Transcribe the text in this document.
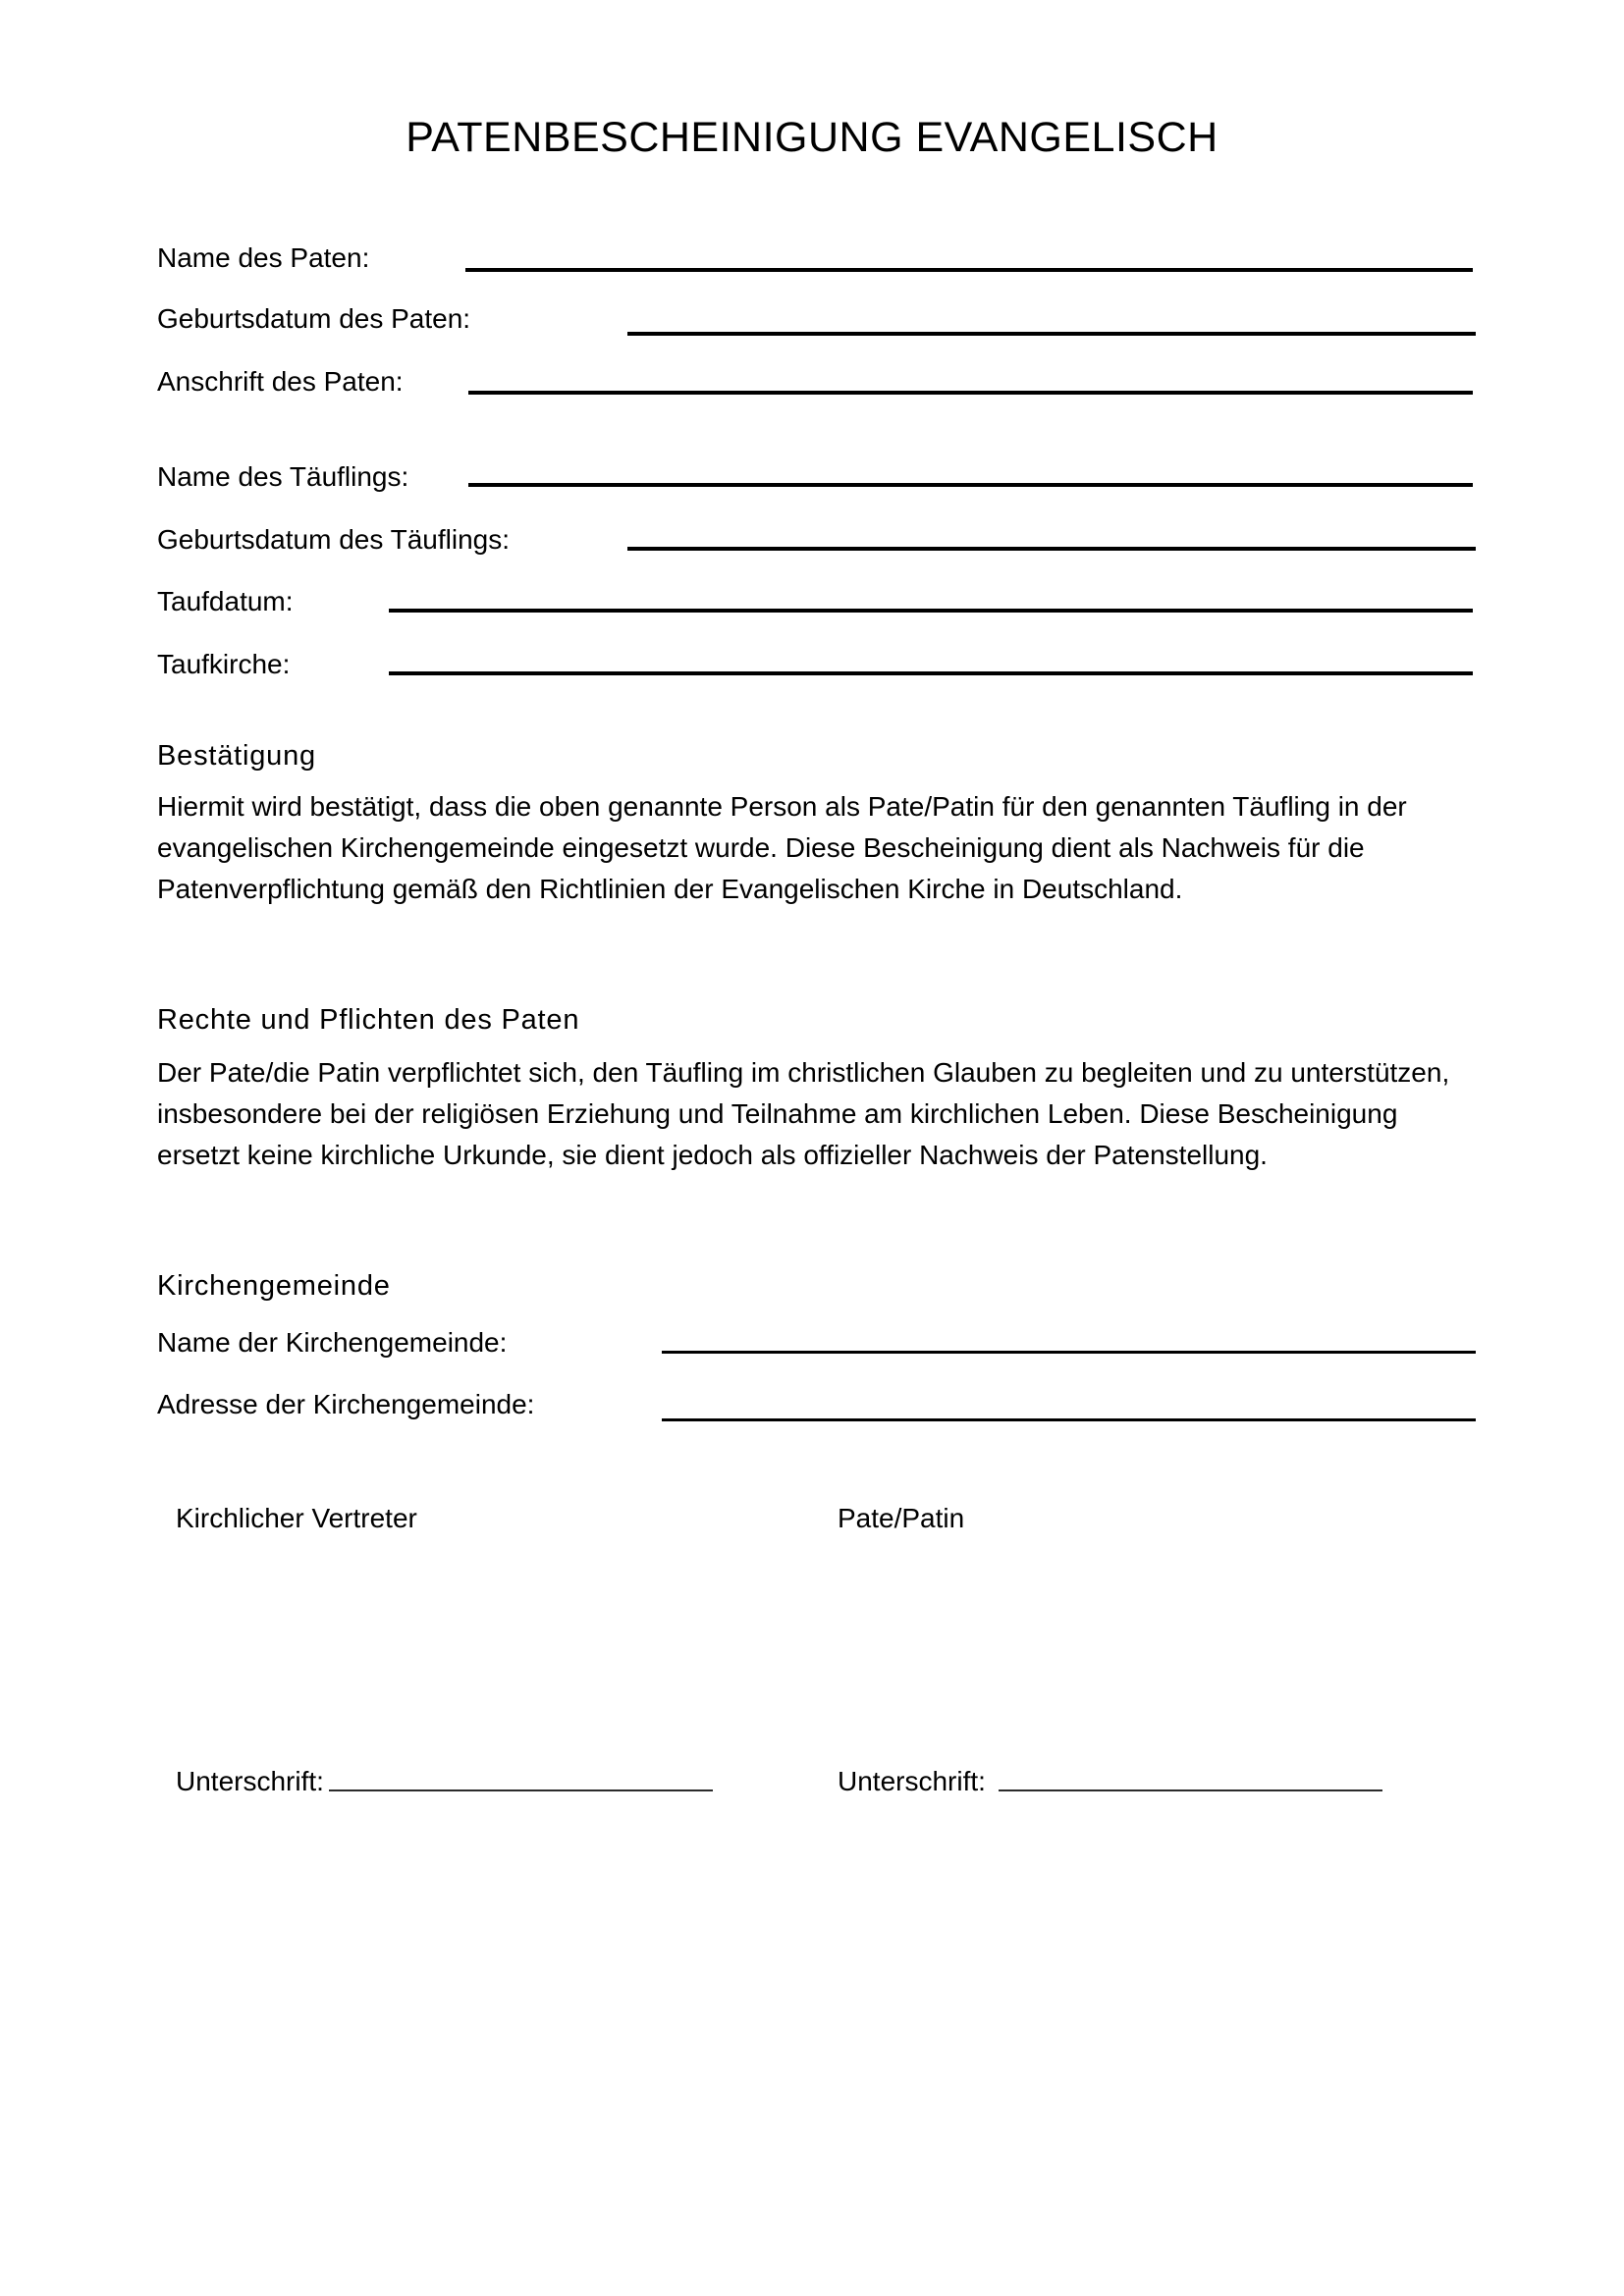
PATENBESCHEINIGUNG EVANGELISCH
Name des Paten:
Geburtsdatum des Paten:
Anschrift des Paten:
Name des Täuflings:
Geburtsdatum des Täuflings:
Taufdatum:
Taufkirche:
Bestätigung
Hiermit wird bestätigt, dass die oben genannte Person als Pate/Patin für den genannten Täufling in der
evangelischen Kirchengemeinde eingesetzt wurde. Diese Bescheinigung dient als Nachweis für die
Patenverpflichtung gemäß den Richtlinien der Evangelischen Kirche in Deutschland.
Rechte und Pflichten des Paten
Der Pate/die Patin verpflichtet sich, den Täufling im christlichen Glauben zu begleiten und zu unterstützen,
insbesondere bei der religiösen Erziehung und Teilnahme am kirchlichen Leben. Diese Bescheinigung
ersetzt keine kirchliche Urkunde, sie dient jedoch als offizieller Nachweis der Patenstellung.
Kirchengemeinde
Name der Kirchengemeinde:
Adresse der Kirchengemeinde:
Kirchlicher Vertreter	Pate/Patin
Unterschrift:	Unterschrift:
